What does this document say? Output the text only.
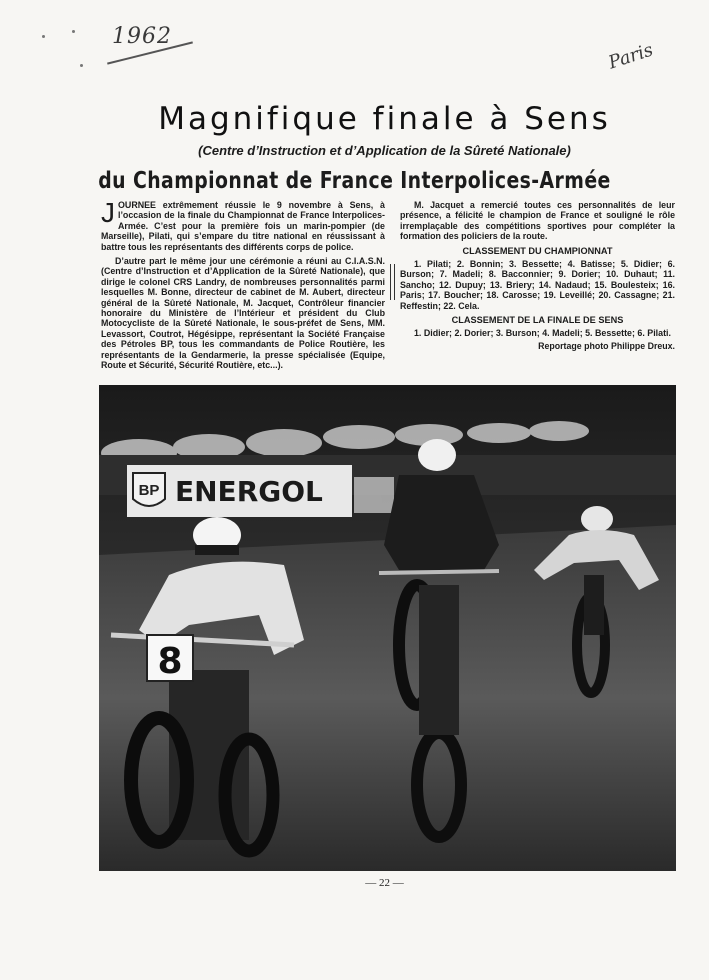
1962
Paris
Magnifique finale à Sens
(Centre d’Instruction et d’Application de la Sûreté Nationale)
du Championnat de France Interpolices-Armée

JOURNEE extrêmement réussie le 9 novembre à Sens, à l’occasion de la finale du Championnat de France Interpolices-Armée. C’est pour la première fois un marin-pompier (de Marseille), Pilati, qui s’empare du titre national en réussissant à battre tous les représentants des différents corps de police.

D’autre part le même jour une cérémonie a réuni au C.I.A.S.N. (Centre d’Instruction et d’Application de la Sûreté Nationale), que dirige le colonel CRS Landry, de nombreuses personnalités parmi lesquelles M. Bonne, directeur de cabinet de M. Aubert, directeur général de la Sûreté Nationale, M. Jacquet, Contrôleur financier honoraire du Ministère de l’Intérieur et président du Club Motocycliste de la Sûreté Nationale, le sous-préfet de Sens, MM. Levassort, Coutrot, Hégésippe, représentant la Société Française des Pétroles BP, tous les commandants de Police Routière, les représentants de la Gendarmerie, la presse spécialisée (Equipe, Route et Sécurité, Sécurité Routière, etc...).

M. Jacquet a remercié toutes ces personnalités de leur présence, a félicité le champion de France et souligné le rôle irremplaçable des compétitions sportives pour compléter la formation des policiers de la route.

CLASSEMENT DU CHAMPIONNAT

1. Pilati; 2. Bonnin; 3. Bessette; 4. Batisse; 5. Didier; 6. Burson; 7. Madeli; 8. Bacconnier; 9. Dorier; 10. Duhaut; 11. Sancho; 12. Dupuy; 13. Briery; 14. Nadaud; 15. Boulesteix; 16. Paris; 17. Boucher; 18. Carosse; 19. Leveillé; 20. Cassagne; 21. Reffestin; 22. Cela.

CLASSEMENT DE LA FINALE DE SENS

1. Didier; 2. Dorier; 3. Burson; 4. Madeli; 5. Bessette; 6. Pilati.

Reportage photo Philippe Dreux.
BP ENERGOL
8
— 22 —
